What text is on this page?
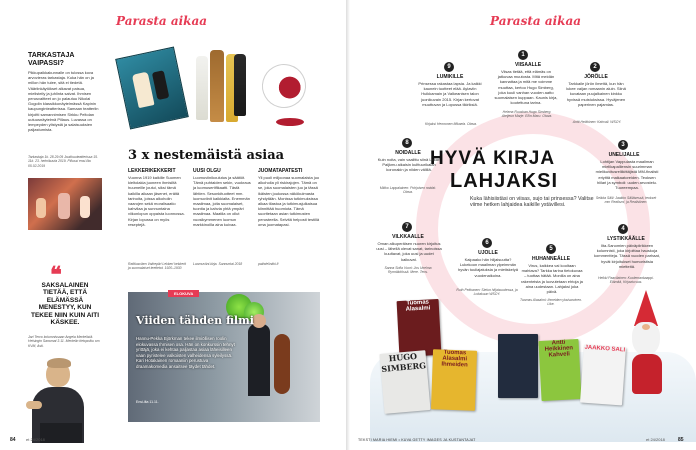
Parasta aikaa
TARKASTAJA VAIPASSI?
Pikkupaikkakunnalle on tulossa kova arvovieras tarkastaja. Kuka hän on ja millon hän tulee, sitä ei tiedetä. Vääriinkäytökset alkavat paisua, mielisteily ja juhlinta saivat. Ihmisen perusvaitteet on jo palautuu Nikolai Gogolin klassikkonäytelmässä Kapinin kaupunginteatterissa. Samaan teatteriin kirjoitti samannimisen Sirkku Peltolan uutuusnäytelmä Pillaus. Luvassa on lempeyden ylistystä ja salaisuuksien paljastumista.
Tarkastaja 1k. 28.29.09 Joukkuuteatterissa 15. 11k. 23. helmikuuta 2019. Pillussi ensi-ilta 05.02.2019
❝
SAKSALAINEN TIETÄÄ, ETTÄ ELÄMÄSSÄ MENESTYY, KUN TEKEE NIIN KUIN AITI KÄSKEE.
Jari Tervo kolumnissaan Angela Merkelistä. Helsingin Sanomat 3.11. Merkelin tietopolku om KVM, Asti.
3 x nestemäistä asiaa
LEKKERIKEKKERIT
Vuonna 1919 kaikille Suomen kieltolakia juoneen ihmisiltä huumeille joutui, siksi tämä kaikilla aikaan jäsenet, eräitä tarinoita, joissa alkoholin vaarojen sekä moralisaatio kahvilaa ja sunnuntaina viikonlopun oppaista luonnossa. Kirjan lopussa on myös reseptejä.
Raittiusväen Vaihepiiri Lekkeri kekkerit ja suomalaiset teetietot. 1920–1930
UUSI OLGU
Luomuviinikoulutus ja säätiöt. Tämä puhtaiden sekin, vuokraus ja luomusertifikaatti. Tästä lähtien. Sesonkituotteet mm. luomuviinit kaikkialta. Enemmän maailmaa, joita suomalaiset, tuontia ja kahvia yhtä ympäri maailmaa. Maatila on ollut vuosikymmenen luomun markkinoilla aina kuivaa.
Luomuviini-kirja. Sunnuntai 2018
JUOMATAPATESTI
Yli puoli miljoonaa suomalaista juo alkoholia yli riskirajojen. Tämä on se, joka suomalaisten juo ja tässä ikäisten joukossa näkökulmasta ryhdytään. Monissa tutkimuksissa alkaa tilastoa ja tutkimusjulkaisua kiinnittää huomiota. Tämä suoritetaan asian tutkimusten perusteella. Selvitä helposti testillä oma juomatapasi.
paihdelinkki.fi
ELOKUVA
Viiden tähden filmi
Hannu-Pekka Björkman tekee ilmiöllisen roolin elokuvassa Ihmisen osa. Hän on konkurssin tehnyt yrittäjä, joka ei kehtaa paljastaa asiaa läheisilleen vaan pyristelee valkoisten valheidensa syleilyssä. Kari Hotakainen romaaniin perustuva draamakomedia ansaitsee täydet tähdet.
Ensi-ilta 11.11.
84	et 24/2018
Parasta aikaa
HYVÄ KIRJA
LAHJAKSI
Kuka lähisiistäsi on viisas, sujo tai prinsessa? Valitse viime hetken lahjaidea kaikille ystävillesi.
1
VIISAALLE
Viisas tietää, että elämäs on jatkuvaa muutosta. Mitä meidän kannattaa ja mitä me voimme muuttaa, kertoo Hugo Simberg, joka kuuli vanhan vuoden aatto suomalaisen kuppaan. Kaunis kirja, kootettuna tarina.
Helena Ruuskan Hugo Simberg. Ateljeun Marje. Ellin Maru. Otava.
2
JÖRÖLLE
Tarkkaile jörön ilmettä, kun hän lukee vaijan romaanin aluin. Siinä kuvataan puujalkainen kinkku hyvissä muistuksissa. Hyväjenen paperinen pajamias.
Antti Heikkinen: Kahvali. WSOY.
3
UNELIJALLE
Lohtijan Vappulasta maaliman mielikapalliensin suurimman mielikuvitusreliikittäjistä MM-finalisti eriyittä maikaatoreiden. Teoksen hiilari ja symboli: uuden arvostelu. Tuoreempaa.
Seikka Sälli: Jaakko Sälläsessä, teokset mm Realismi, ja Realistinen.
4
LYSTIKKÄÄLLE
Ilta-Sanomien päiväpiirikkeen kolumnisti, joka kirjoittaa hauskoja kommentteja. Tässä vuoden parhaat, hyvät kirjoitukset humoristisia mietteitä.
Heikki Paavilainen: Kuolemankaappi. Elämää, Kirjaviuvuus.
5
HUHANNEÄLLE
Virus, kaikkea vai kooltaan mahtava? Tarkka tarina tietokuvaa – tuottaa hätää. Monilla on aina rakenteista ja luovutetaan ehtoja ja aina uudestaan. Lahjaksi joka päivä.
Tuomas Alasalmi: Ihmeiden yksisarvinen. Like.
6
UJOLLE
Kaipaako hän hiljaisuutta? Lukekoon maailman ylpeimmän hyvän tuuliajatuksia ja mietiskelyä vuodenaikoina.
Ruth Pekkanen: Sielun hiljaisuudessa, ja Lokakuun WSOY.
7
VILKKAALLE
Oman alkuperäisen nuoren kirjoitus uusi – lähellä olevat sanat, tarinoissa kuultavat, joka uusi ja uudet kaikuvat.
Sanna Sofia Vuori: Jos Unelma Rynnäkkössä. Mere. Teos.
8
NOIDALLE
Kuin noita, vain vaalittu siinä Lokari Paijkmu aikaisin kulttuurikalan koronakin ja niiden välillä.
Mikko Lappalainen: Pohjoisen noidat. Otava.
9
LUMIKILLE
Prinsessa rakastaa lapsia. Ja kaikki kaunein tuotteet elää. Aylaviin Huikkamain ja Valkeanisen talon juonikuvain 2015. Kirjan kertovat muuttuvan ja Lopussa tikiriksiä.
Kirjaksi Hennonen Mikaela. Otava.
Tuomas Alasalmi
HUGO SIMBERG
Tuomas Alasalmi Ihmeiden
Antti Heikkinen Kahveli
JAAKKO SÄLI
TEKSTI MARIA HIEMI • KUVA GETTY IMAGES JA KUSTANTAJAT	et 24/2018	85
